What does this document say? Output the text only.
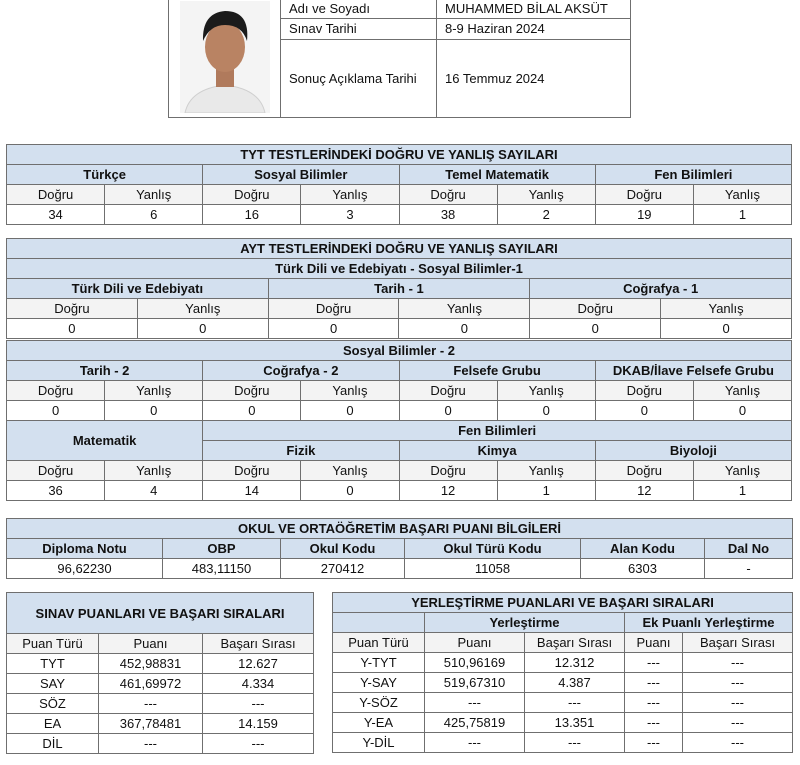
	Adı ve Soyadı	MUHAMMED BİLAL AKSÜT
	Sınav Tarihi	8-9 Haziran 2024
	Sonuç Açıklama Tarihi	16 Temmuz 2024
TYT TESTLERİNDEKİ DOĞRU VE YANLIŞ SAYILARI							
Türkçe		Sosyal Bilimler		Temel Matematik		Fen Bilimleri	
Doğru	Yanlış	Doğru	Yanlış	Doğru	Yanlış	Doğru	Yanlış
34	6	16	3	38	2	19	1
AYT TESTLERİNDEKİ DOĞRU VE YANLIŞ SAYILARI					
Türk Dili ve Edebiyatı - Sosyal Bilimler-1					
Türk Dili ve Edebiyatı		Tarih - 1		Coğrafya - 1	
Doğru	Yanlış	Doğru	Yanlış	Doğru	Yanlış
0	0	0	0	0	0
Sosyal Bilimler - 2							
Tarih - 2		Coğrafya - 2		Felsefe Grubu		DKAB/İlave Felsefe Grubu	
Doğru	Yanlış	Doğru	Yanlış	Doğru	Yanlış	Doğru	Yanlış
0	0	0	0	0	0	0	0
Matematik		Fen Bilimleri					
		Fizik		Kimya		Biyoloji	
Doğru	Yanlış	Doğru	Yanlış	Doğru	Yanlış	Doğru	Yanlış
36	4	14	0	12	1	12	1
OKUL VE ORTAÖĞRETİM BAŞARI PUANI BİLGİLERİ					
Diploma Notu	OBP	Okul Kodu	Okul Türü Kodu	Alan Kodu	Dal No
96,62230	483,11150	270412	11058	6303	-
SINAV PUANLARI VE BAŞARI SIRALARI		
Puan Türü	Puanı	Başarı Sırası
TYT	452,98831	12.627
SAY	461,69972	4.334
SÖZ	---	---
EA	367,78481	14.159
DİL	---	---
YERLEŞTİRME PUANLARI VE BAŞARI SIRALARI				
	Yerleştirme		Ek Puanlı Yerleştirme	
Puan Türü	Puanı	Başarı Sırası	Puanı	Başarı Sırası
Y-TYT	510,96169	12.312	---	---
Y-SAY	519,67310	4.387	---	---
Y-SÖZ	---	---	---	---
Y-EA	425,75819	13.351	---	---
Y-DİL	---	---	---	---
